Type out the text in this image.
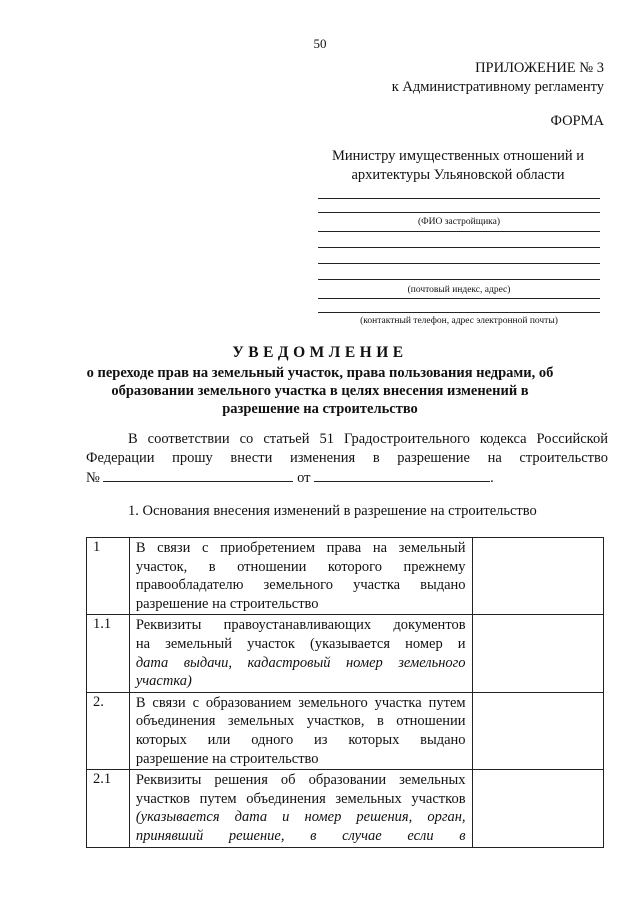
50
ПРИЛОЖЕНИЕ № 3
к Административному регламенту
ФОРМА
Министру имущественных отношений и
архитектуры Ульяновской области
(ФИО застройщика)
(почтовый индекс, адрес)
(контактный телефон, адрес электронной почты)
УВЕДОМЛЕНИЕ
о переходе прав на земельный участок, права пользования недрами, об
образовании земельного участка в целях внесения изменений в
разрешение на строительство
В соответствии со статьей 51 Градостроительного кодекса Российской
Федерации прошу внести изменения в разрешение на строительство
№	от	.
1. Основания внесения изменений в разрешение на строительство
1	В связи с приобретением права на земельный
участок, в отношении которого прежнему
правообладателю земельного участка выдано
разрешение на строительство	

1.1	Реквизиты правоустанавливающих документов
на земельный участок (указывается номер и
дата выдачи, кадастровый номер земельного
участка)	

2.	В связи с образованием земельного участка путем
объединения земельных участков, в отношении
которых или одного из которых выдано
разрешение на строительство	

2.1	Реквизиты решения об образовании земельных
участков путем объединения земельных участков
(указывается дата и номер решения, орган,
принявший решение, в случае если в	
